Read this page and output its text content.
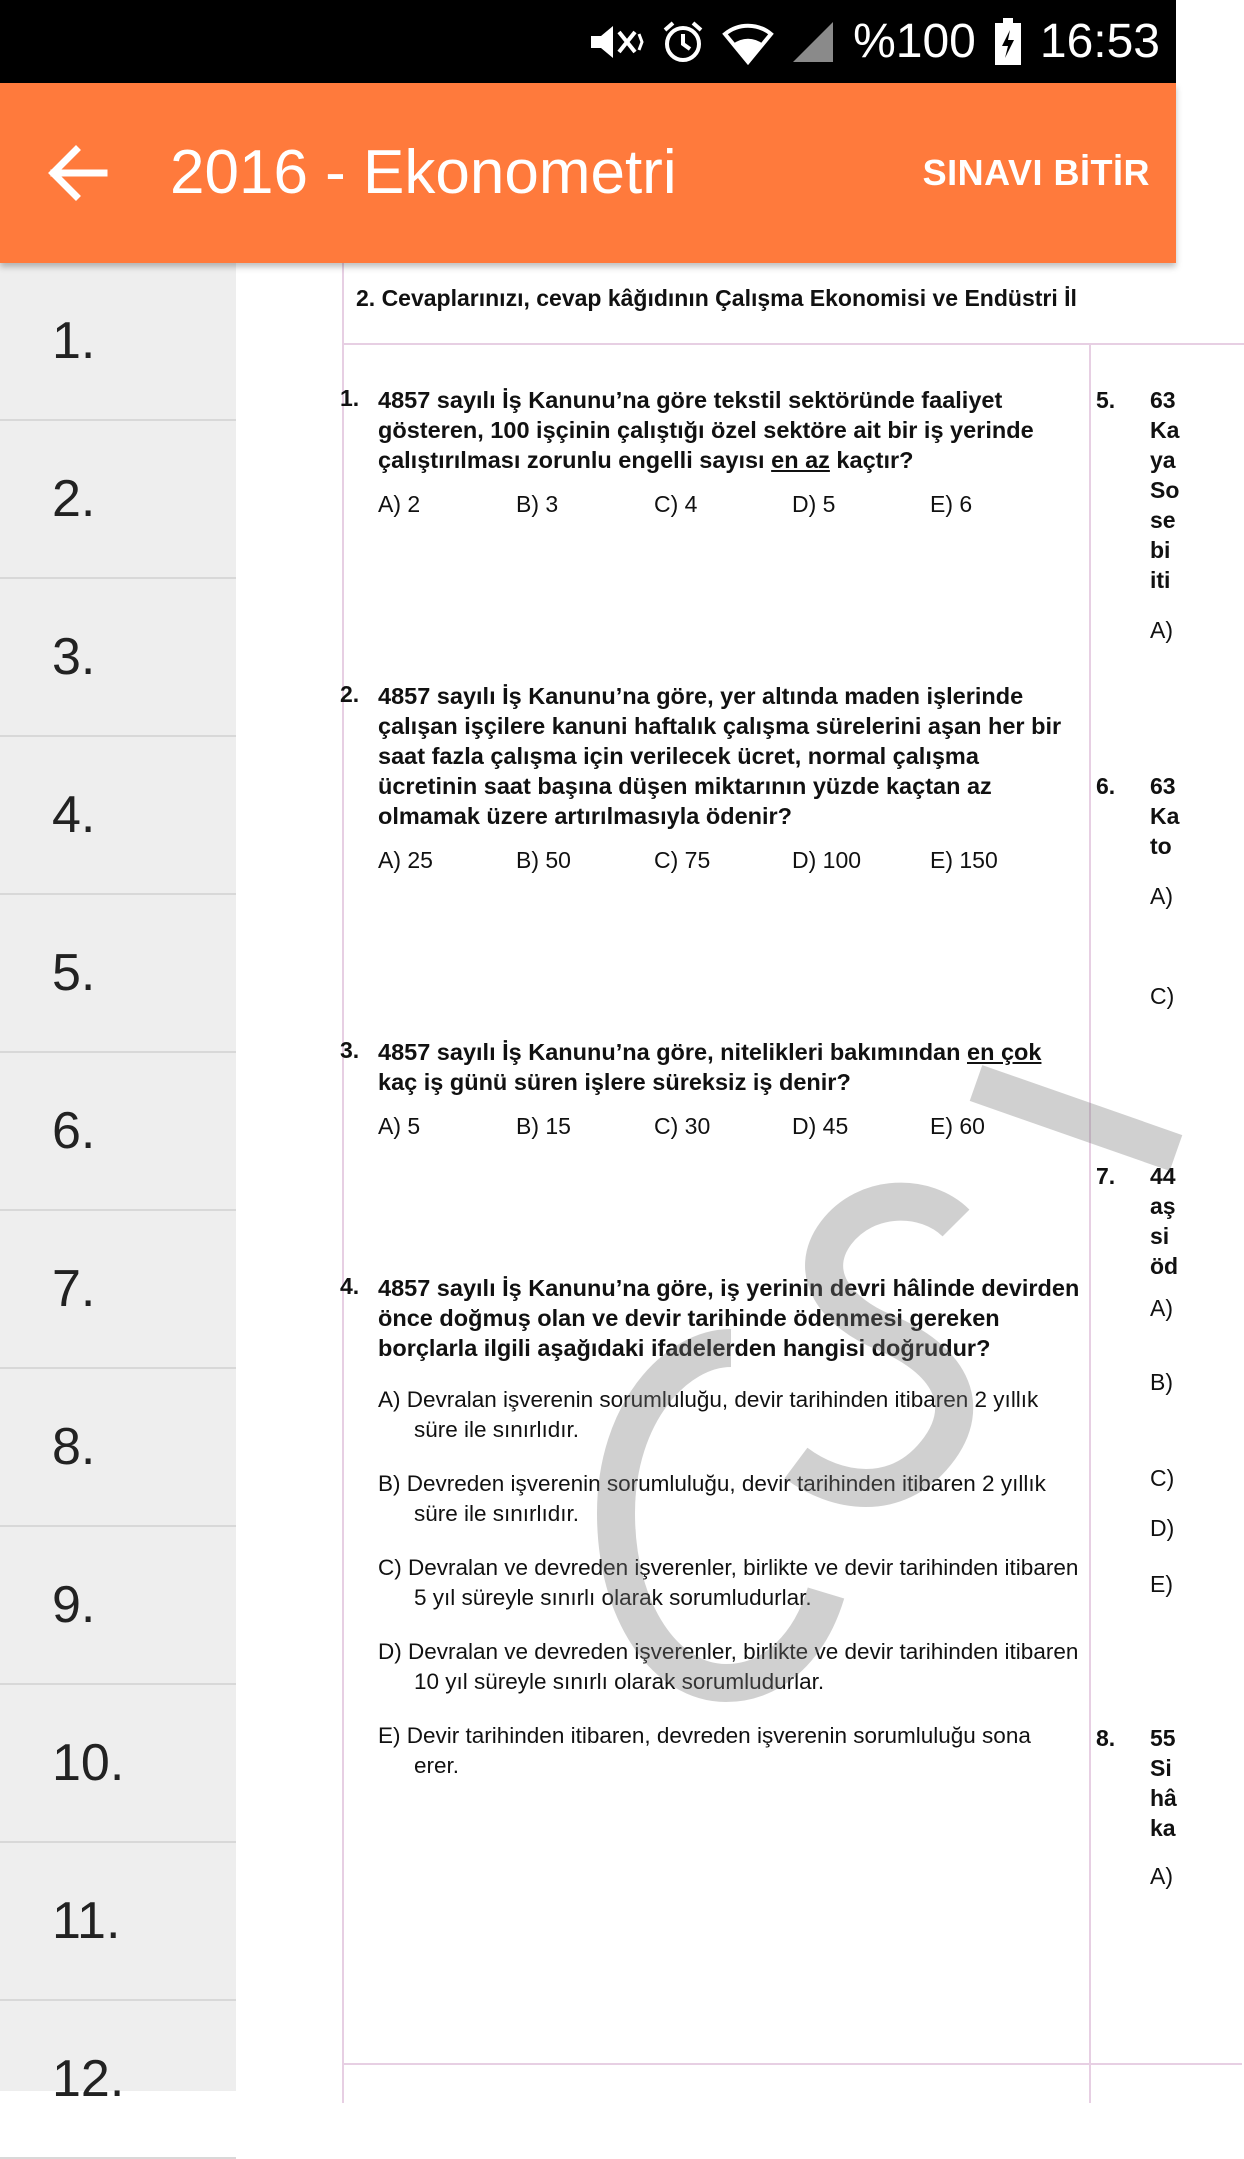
%100 16:53
2016 - Ekonometri	SINAVI BİTİR
1.
2.
3.
4.
5.
6.
7.
8.
9.
10.
11.
12.
2. Cevaplarınızı, cevap kâğıdının Çalışma Ekonomisi ve Endüstri İl
1. 4857 sayılı İş Kanunu’na göre tekstil sektöründe faaliyet gösteren, 100 işçinin çalıştığı özel sektöre ait bir iş yerinde çalıştırılması zorunlu engelli sayısı en az kaçtır?
A) 2	B) 3	C) 4	D) 5	E) 6
2. 4857 sayılı İş Kanunu’na göre, yer altında maden işlerinde çalışan işçilere kanuni haftalık çalışma sürelerini aşan her bir saat fazla çalışma için verilecek ücret, normal çalışma ücretinin saat başına düşen miktarının yüzde kaçtan az olmamak üzere artırılmasıyla ödenir?
A) 25	B) 50	C) 75	D) 100	E) 150
3. 4857 sayılı İş Kanunu’na göre, nitelikleri bakımından en çok kaç iş günü süren işlere süreksiz iş denir?
A) 5	B) 15	C) 30	D) 45	E) 60
4. 4857 sayılı İş Kanunu’na göre, iş yerinin devri hâlinde devirden önce doğmuş olan ve devir tarihinde ödenmesi gereken borçlarla ilgili aşağıdaki ifadelerden hangisi doğrudur?
A) Devralan işverenin sorumluluğu, devir tarihinden itibaren 2 yıllık süre ile sınırlıdır.
B) Devreden işverenin sorumluluğu, devir tarihinden itibaren 2 yıllık süre ile sınırlıdır.
C) Devralan ve devreden işverenler, birlikte ve devir tarihinden itibaren 5 yıl süreyle sınırlı olarak sorumludurlar.
D) Devralan ve devreden işverenler, birlikte ve devir tarihinden itibaren 10 yıl süreyle sınırlı olarak sorumludurlar.
E) Devir tarihinden itibaren, devreden işverenin sorumluluğu sona erer.
5. 63
Ka
ya
So
se
bi
iti
A)
6. 63
Ka
to
A)
C)
7. 44
aş
si
öd
A)
B)
C)
D)
E)
8. 55
Si
hâ
ka
A)
